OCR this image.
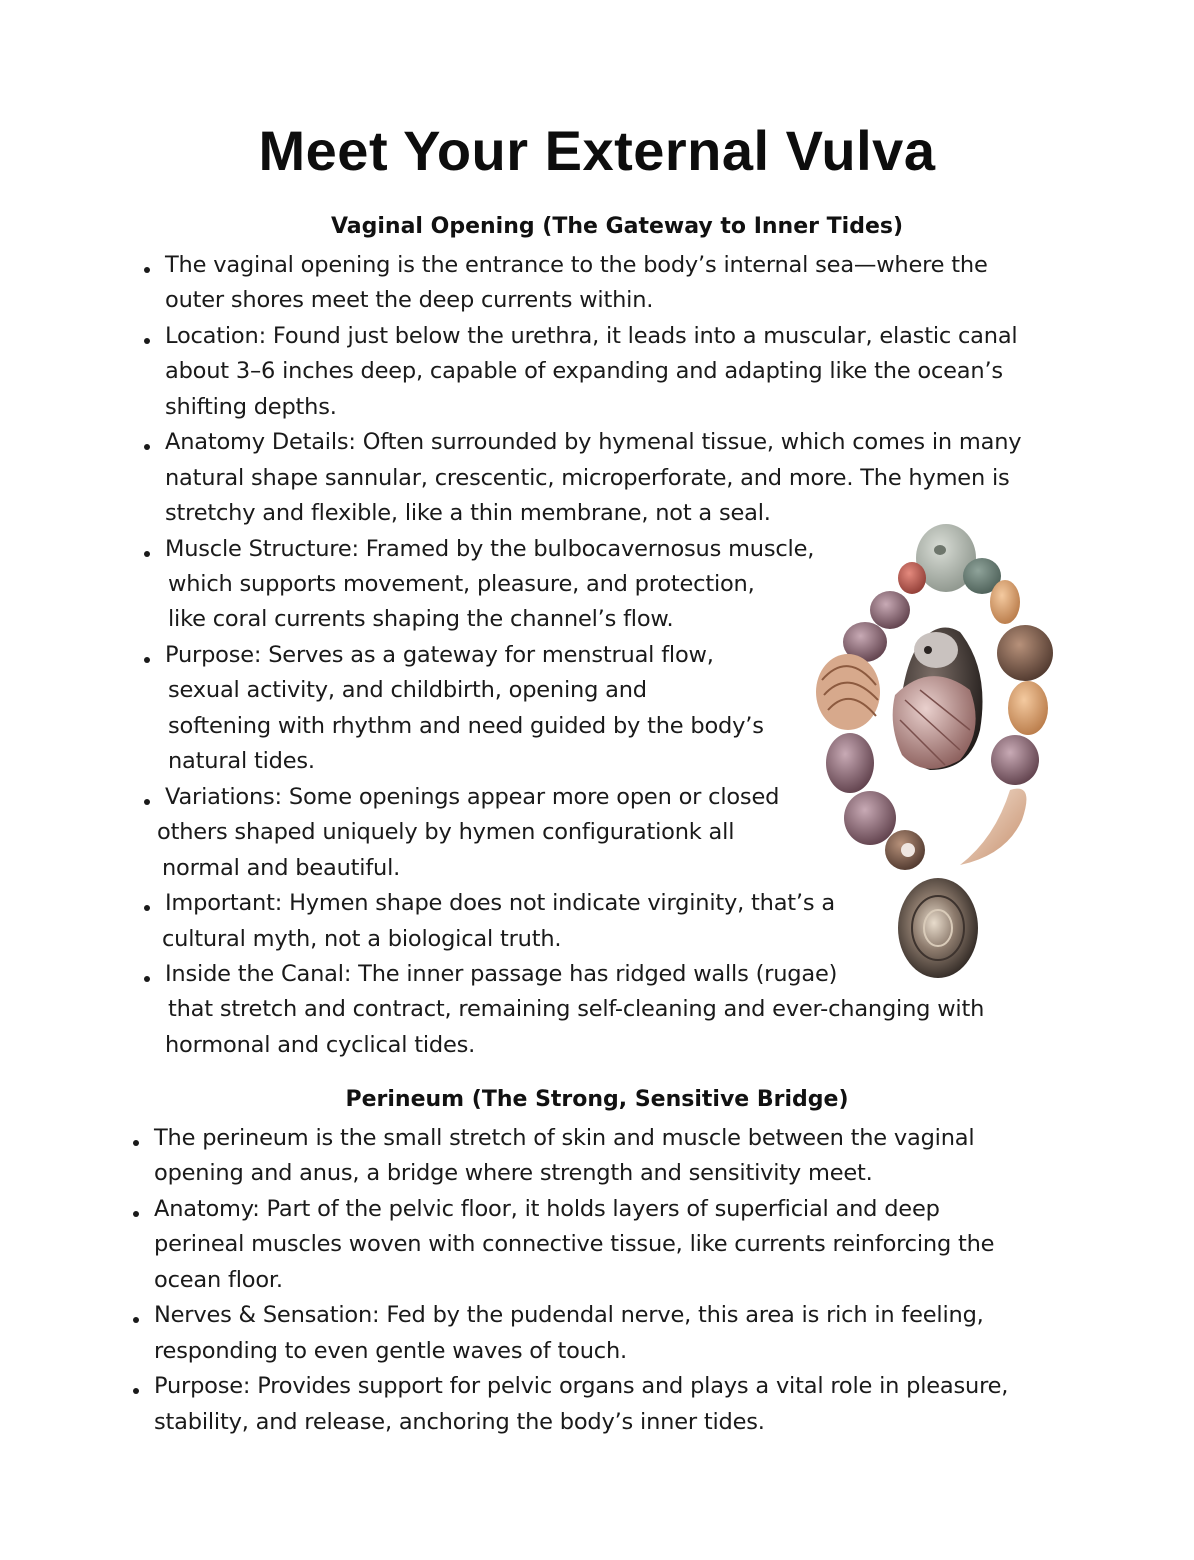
Meet Your External Vulva
Vaginal Opening (The Gateway to Inner Tides)
The vaginal opening is the entrance to the body’s internal sea—where the
outer shores meet the deep currents within.
Location: Found just below the urethra, it leads into a muscular, elastic canal
about 3–6 inches deep, capable of expanding and adapting like the ocean’s
shifting depths.
Anatomy Details: Often surrounded by hymenal tissue, which comes in many
natural shape sannular, crescentic, microperforate, and more. The hymen is
stretchy and flexible, like a thin membrane, not a seal.
Muscle Structure: Framed by the bulbocavernosus muscle,
which supports movement, pleasure, and protection,
like coral currents shaping the channel’s flow.
Purpose: Serves as a gateway for menstrual flow,
sexual activity, and childbirth, opening and
softening with rhythm and need guided by the body’s
natural tides.
Variations: Some openings appear more open or closed
others shaped uniquely by hymen configurationk all
normal and beautiful.
Important: Hymen shape does not indicate virginity, that’s a
cultural myth, not a biological truth.
Inside the Canal: The inner passage has ridged walls (rugae)
that stretch and contract, remaining self-cleaning and ever-changing with
hormonal and cyclical tides.
Perineum (The Strong, Sensitive Bridge)
The perineum is the small stretch of skin and muscle between the vaginal
opening and anus, a bridge where strength and sensitivity meet.
Anatomy: Part of the pelvic floor, it holds layers of superficial and deep
perineal muscles woven with connective tissue, like currents reinforcing the
ocean floor.
Nerves & Sensation: Fed by the pudendal nerve, this area is rich in feeling,
responding to even gentle waves of touch.
Purpose: Provides support for pelvic organs and plays a vital role in pleasure,
stability, and release, anchoring the body’s inner tides.
